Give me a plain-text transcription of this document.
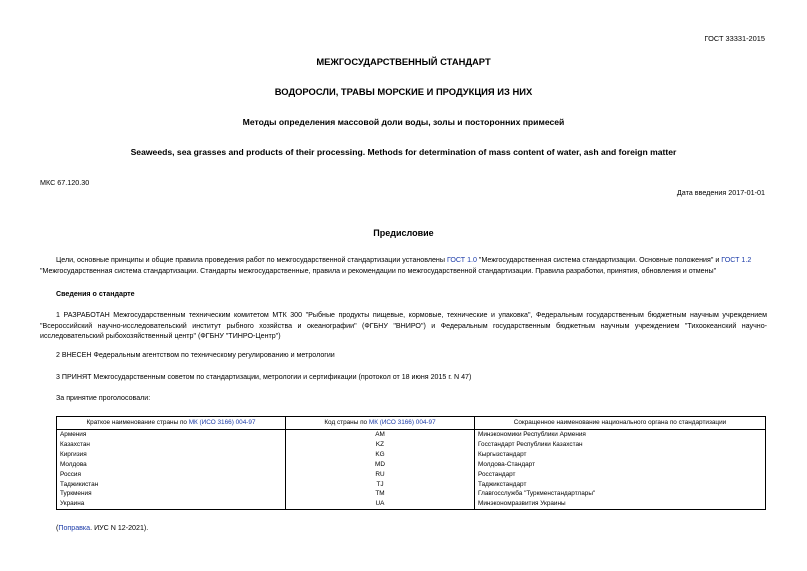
ГОСТ 33331-2015
МЕЖГОСУДАРСТВЕННЫЙ СТАНДАРТ
ВОДОРОСЛИ, ТРАВЫ МОРСКИЕ И ПРОДУКЦИЯ ИЗ НИХ
Методы определения массовой доли воды, золы и посторонних примесей
Seaweeds, sea grasses and products of their processing. Methods for determination of mass content of water, ash and foreign matter
МКС 67.120.30
Дата введения 2017-01-01
Предисловие
Цели, основные принципы и общие правила проведения работ по межгосударственной стандартизации установлены ГОСТ 1.0 "Межгосударственная система стандартизации. Основные положения" и ГОСТ 1.2 "Межгосударственная система стандартизации. Стандарты межгосударственные, правила и рекомендации по межгосударственной стандартизации. Правила разработки, принятия, обновления и отмены"
Сведения о стандарте
1 РАЗРАБОТАН Межгосударственным техническим комитетом МТК 300 "Рыбные продукты пищевые, кормовые, технические и упаковка", Федеральным государственным бюджетным научным учреждением "Всероссийский научно-исследовательский институт рыбного хозяйства и океанографии" (ФГБНУ "ВНИРО") и Федеральным государственным бюджетным научным учреждением "Тихоокеанский научно-исследовательский рыбохозяйственный центр" (ФГБНУ "ТИНРО-Центр")
2 ВНЕСЕН Федеральным агентством по техническому регулированию и метрологии
3 ПРИНЯТ Межгосударственным советом по стандартизации, метрологии и сертификации (протокол от 18 июня 2015 г. N 47)
За принятие проголосовали:
Краткое наименование страны по МК (ИСО 3166) 004-97	Код страны по МК (ИСО 3166) 004-97	Сокращенное наименование национального органа по стандартизации
Армения	AM	Минэкономики Республики Армения
Казахстан	KZ	Госстандарт Республики Казахстан
Киргизия	KG	Кыргызстандарт
Молдова	MD	Молдова-Стандарт
Россия	RU	Росстандарт
Таджикистан	TJ	Таджикстандарт
Туркмения	TM	Главгосслужба "Туркменстандартлары"
Украина	UA	Минэкономразвития Украины
(Поправка. ИУС N 12-2021).
